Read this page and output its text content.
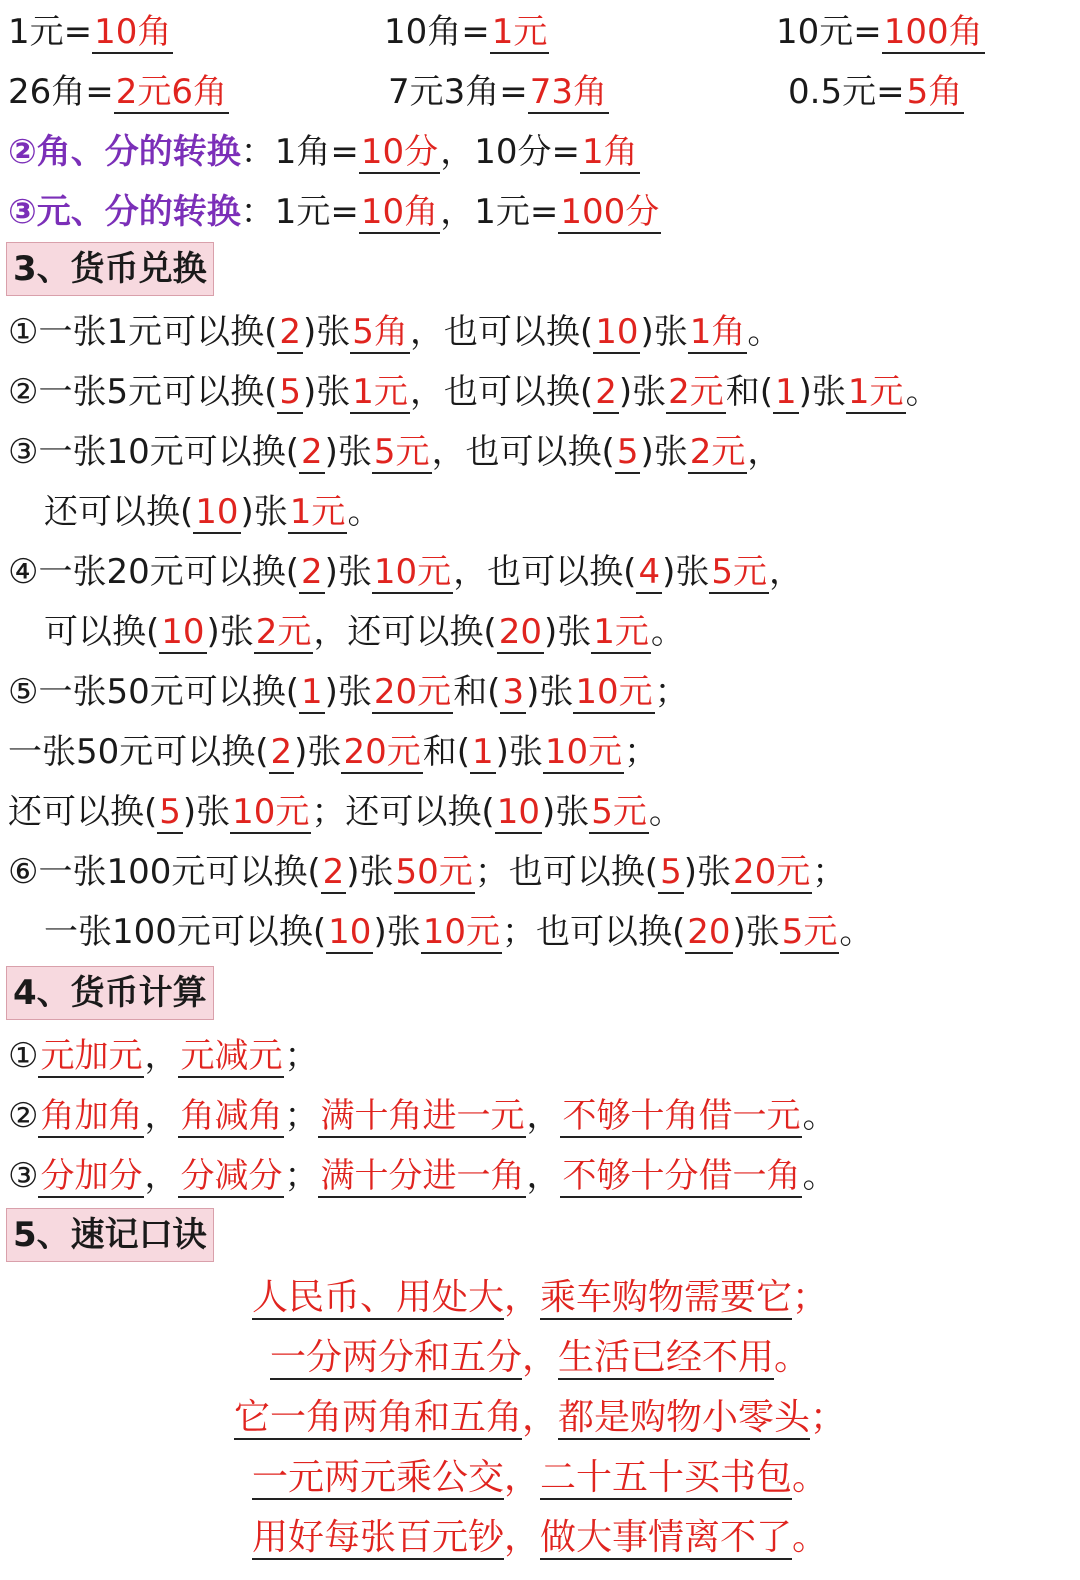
1元=10角	10角=1元	10元=100角
26角=2元6角	7元3角=73角	0.5元=5角
②角、分的转换：1角=10分，10分=1角
③元、分的转换：1元=10角，1元=100分
3、货币兑换
①一张1元可以换(2)张5角，也可以换(10)张1角。
②一张5元可以换(5)张1元，也可以换(2)张2元和(1)张1元。
③一张10元可以换(2)张5元，也可以换(5)张2元，
还可以换(10)张1元。
④一张20元可以换(2)张10元，也可以换(4)张5元，
可以换(10)张2元，还可以换(20)张1元。
⑤一张50元可以换(1)张20元和(3)张10元；
一张50元可以换(2)张20元和(1)张10元；
还可以换(5)张10元；还可以换(10)张5元。
⑥一张100元可以换(2)张50元；也可以换(5)张20元；
一张100元可以换(10)张10元；也可以换(20)张5元。
4、货币计算
①元加元，元减元；
②角加角，角减角；满十角进一元，不够十角借一元。
③分加分，分减分；满十分进一角，不够十分借一角。
5、速记口诀
人民币、用处大，乘车购物需要它；
一分两分和五分，生活已经不用。
它一角两角和五角，都是购物小零头；
一元两元乘公交，二十五十买书包。
用好每张百元钞，做大事情离不了。
